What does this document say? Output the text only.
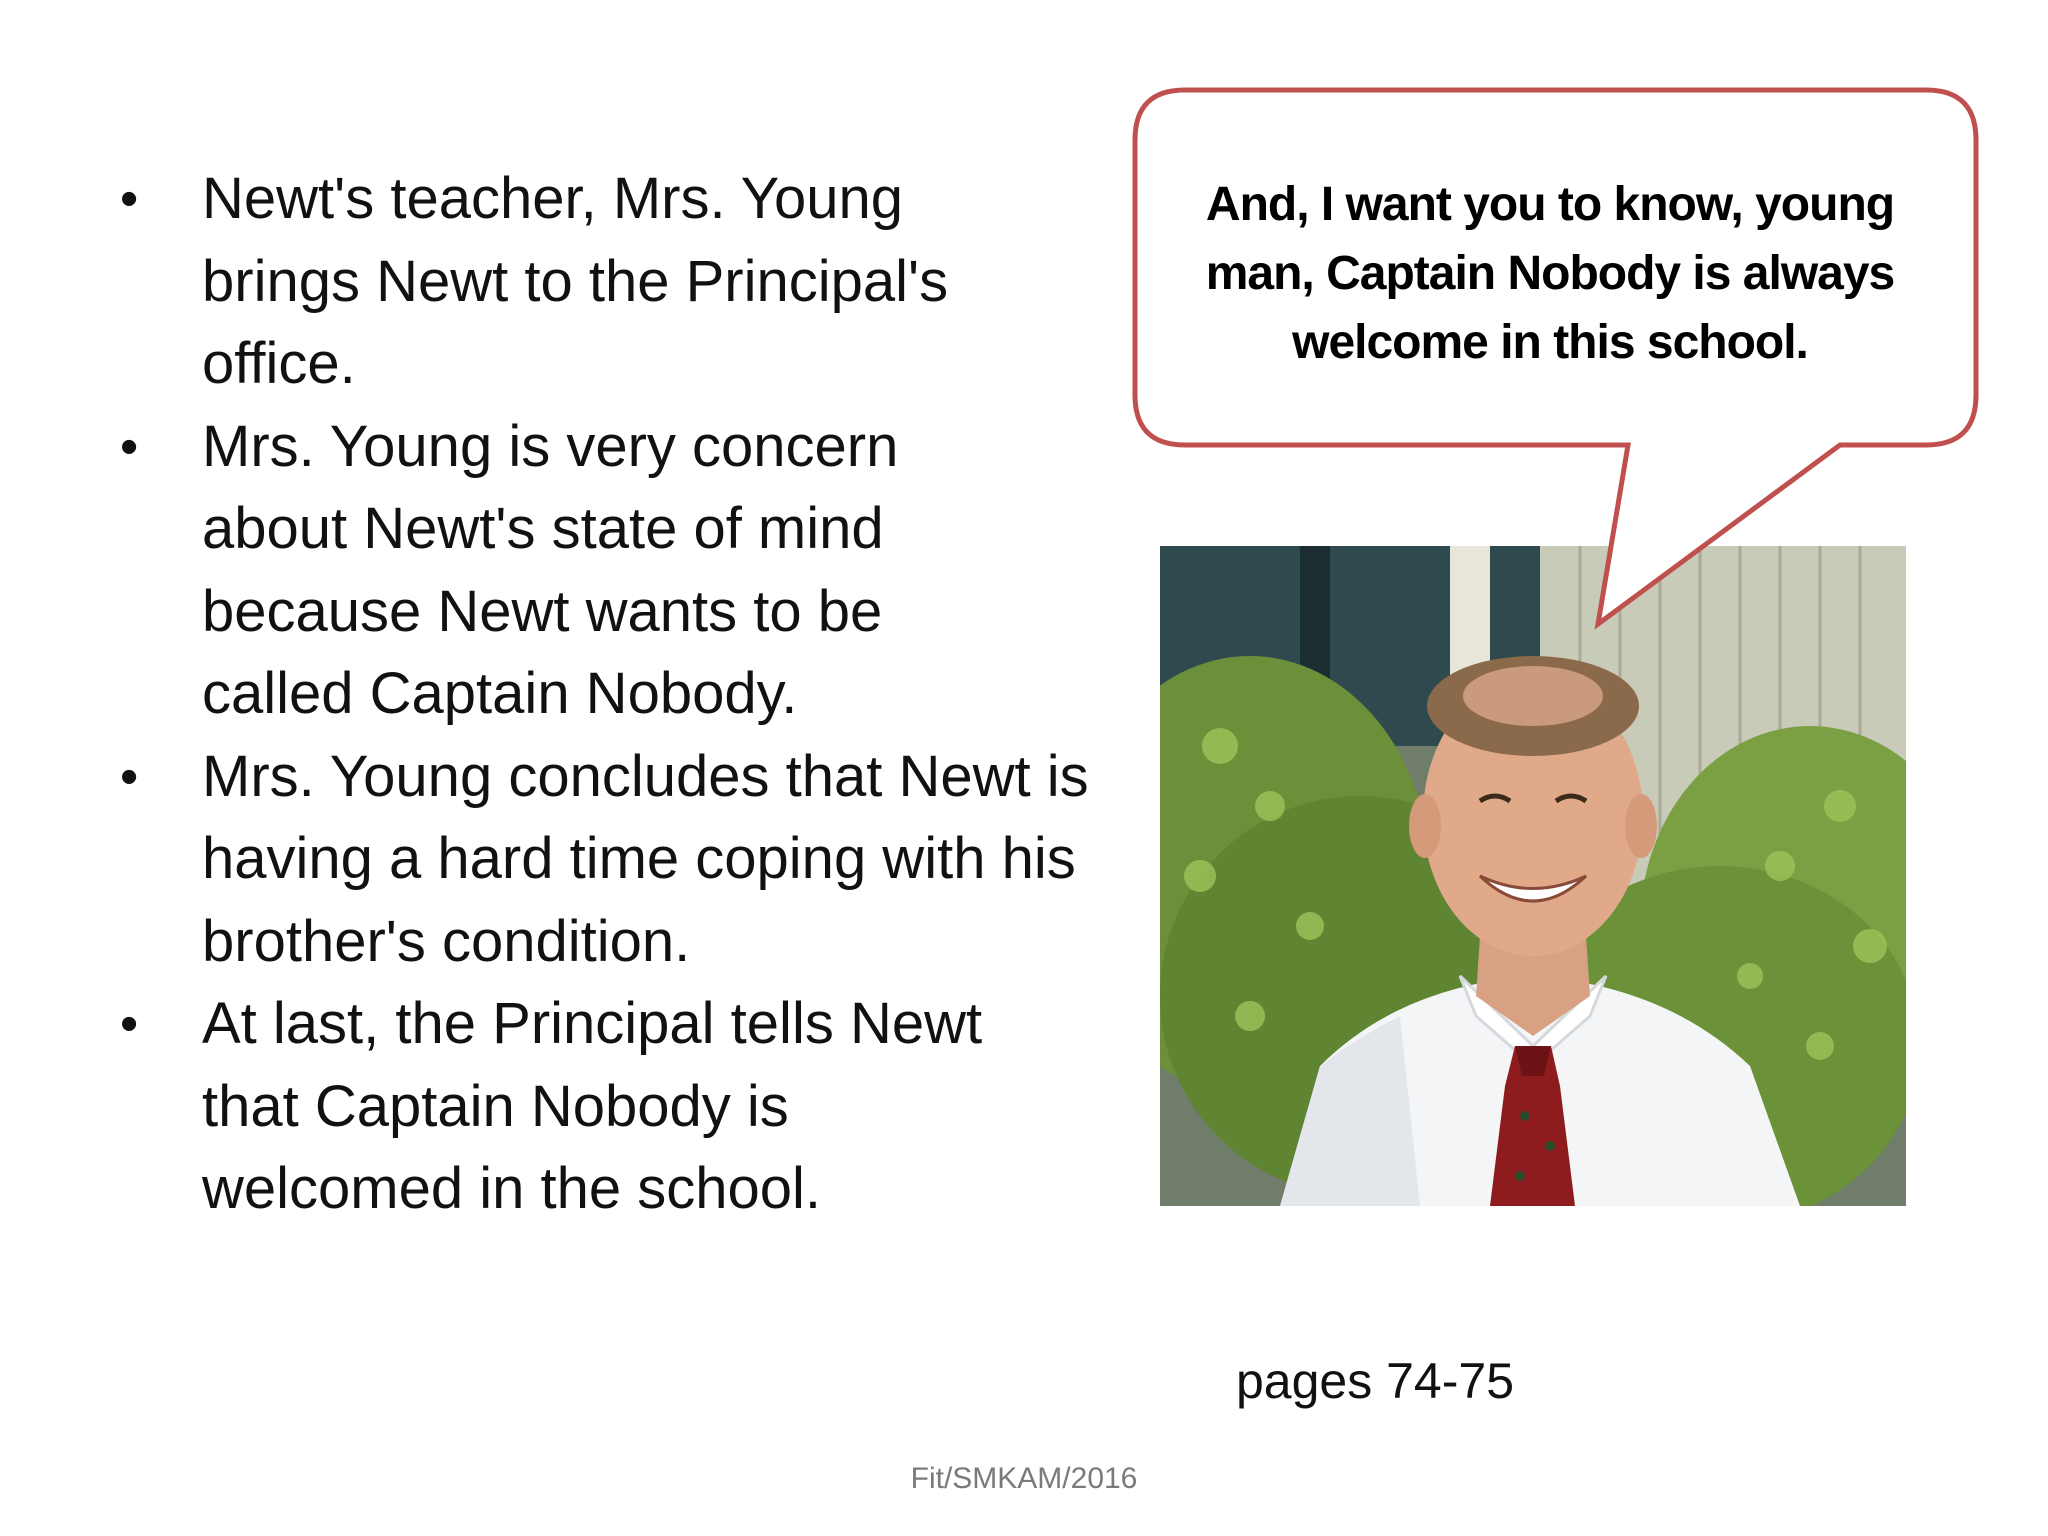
• Newt's teacher, Mrs. Young brings Newt to the Principal's office.
• Mrs. Young is very concern about Newt's state of mind because Newt wants to be called Captain Nobody.
• Mrs. Young concludes that Newt is having a hard time coping with his brother's condition.
• At last, the Principal tells Newt that Captain Nobody is welcomed in the school.
And, I want you to know, young
man, Captain Nobody is always
welcome in this school.
pages 74-75
Fit/SMKAM/2016
